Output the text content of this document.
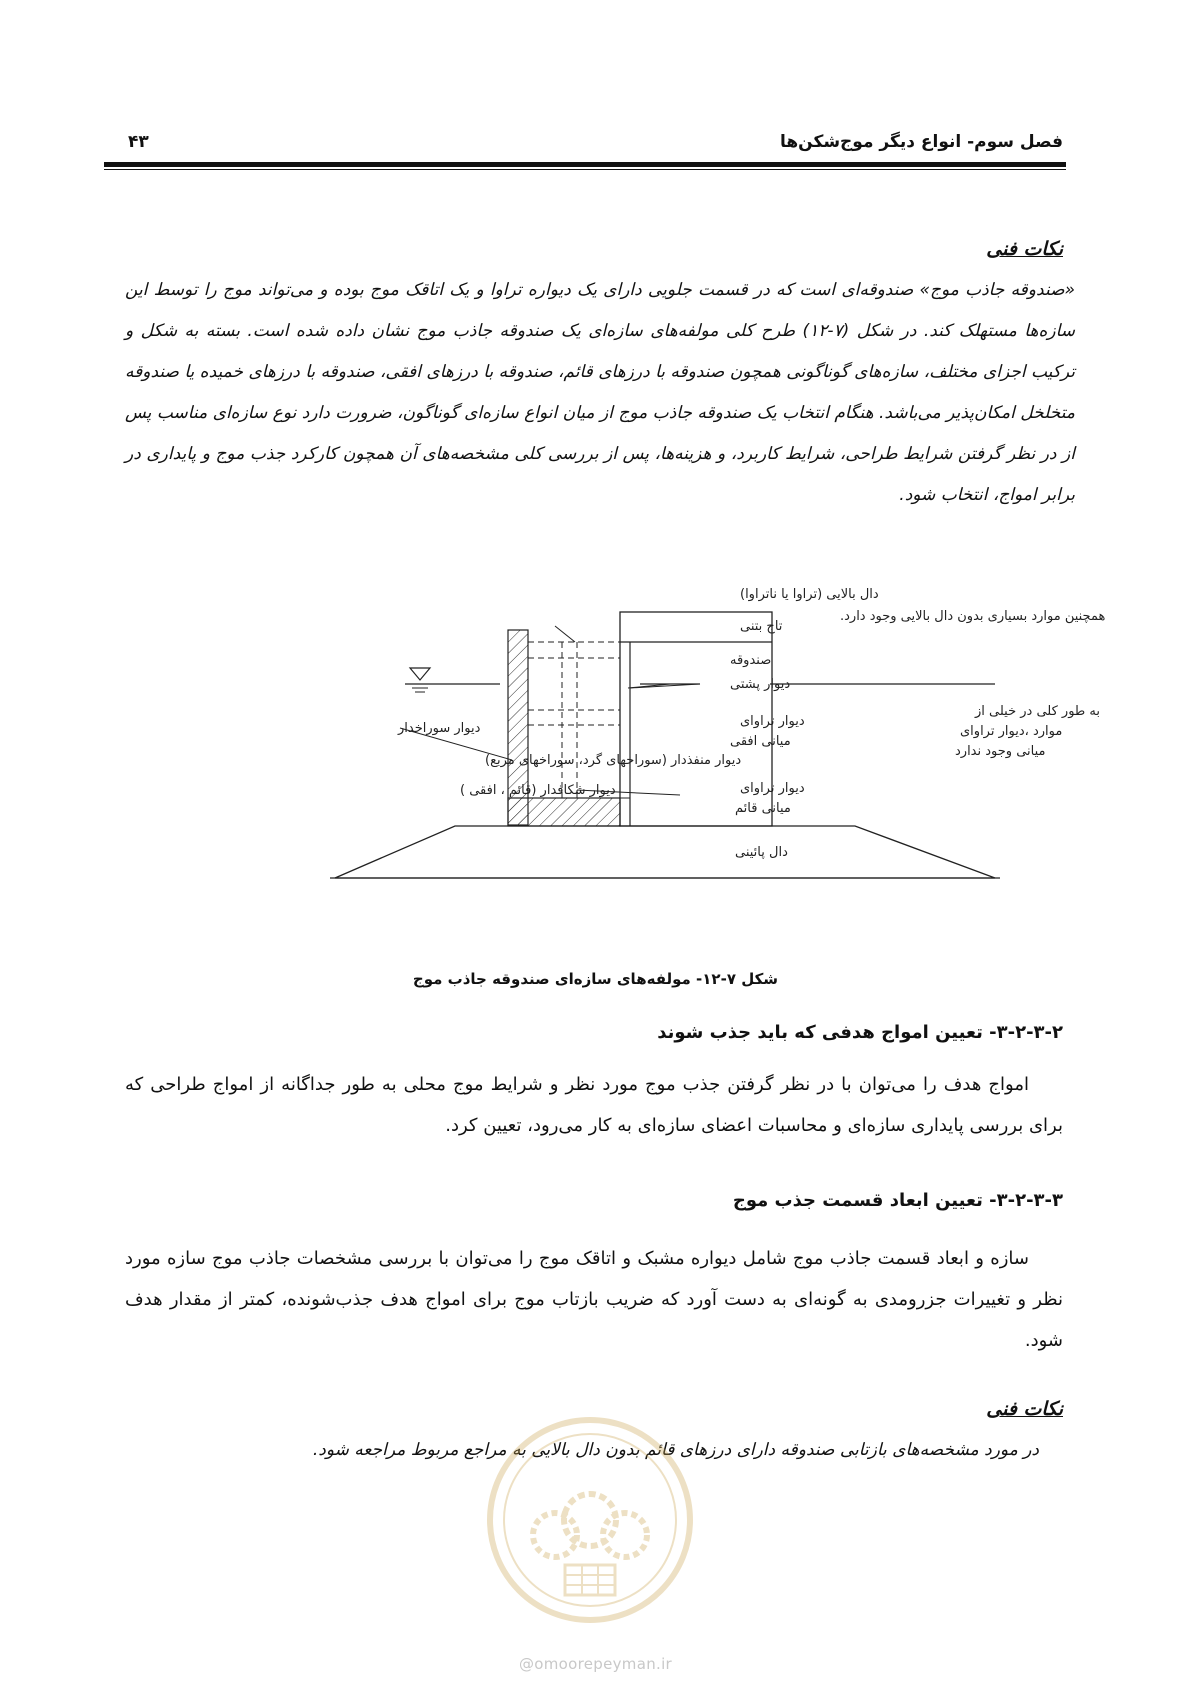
فصل سوم- انواع دیگر موج‌شکن‌ها
۴۳
نکات فنی
«صندوقه جاذب موج» صندوقه‌ای است که در قسمت جلویی دارای یک دیواره تراوا و یک اتاقک موج بوده و می‌تواند موج را توسط این سازه‌ها مستهلک کند. در شکل (۷-۱۲) طرح کلی مولفه‌های سازه‌ای یک صندوقه جاذب موج نشان داده شده است. بسته به شکل و ترکیب اجزای مختلف، سازه‌های گوناگونی همچون صندوقه با درزهای قائم، صندوقه با درزهای افقی، صندوقه با درزهای خمیده یا صندوقه متخلخل امکان‌پذیر می‌باشد. هنگام انتخاب یک صندوقه جاذب موج از میان انواع سازه‌ای گوناگون، ضرورت دارد نوع سازه‌ای مناسب پس از در نظر گرفتن شرایط طراحی، شرایط کاربرد، و هزینه‌ها، پس از بررسی کلی مشخصه‌های آن همچون کارکرد جذب موج و پایداری در برابر امواج، انتخاب شود.
دال بالایی (تراوا یا ناتراوا)
همچنین موارد بسیاری بدون دال بالایی وجود دارد.
تاج بتنی
صندوقه
دیوار پشتی
دیوار تراوای
میانی افقی
دیوار تراوای
میانی قائم
دیوار سوراخدار
دیوار منفذدار (سوراخهای گرد، سوراخهای مربع)
دیوار شکافدار (قائم ، افقی )
به طور کلی در خیلی از
موارد ،دیوار تراوای
میانی وجود ندارد
دال پائینی
شکل ۷-۱۲- مولفه‌های سازه‌ای صندوقه جاذب موج
۳-۲-۳-۲- تعیین امواج هدفی که باید جذب شوند
امواج هدف را می‌توان با در نظر گرفتن جذب موج مورد نظر و شرایط موج محلی به طور جداگانه از امواج طراحی که برای بررسی پایداری سازه‌ای و محاسبات اعضای سازه‌ای به کار می‌رود، تعیین کرد.
۳-۲-۳-۳- تعیین ابعاد قسمت جذب موج
سازه و ابعاد قسمت جاذب موج شامل دیواره مشبک و اتاقک موج را می‌توان با بررسی مشخصات جاذب موج سازه مورد نظر و تغییرات جزرومدی به گونه‌ای به دست آورد که ضریب بازتاب موج برای امواج هدف جذب‌شونده، کمتر از مقدار هدف شود.
نکات فنی
در مورد مشخصه‌های بازتابی صندوقه دارای درزهای قائم بدون دال بالایی به مراجع مربوط مراجعه شود.
@omoorepeyman.ir
